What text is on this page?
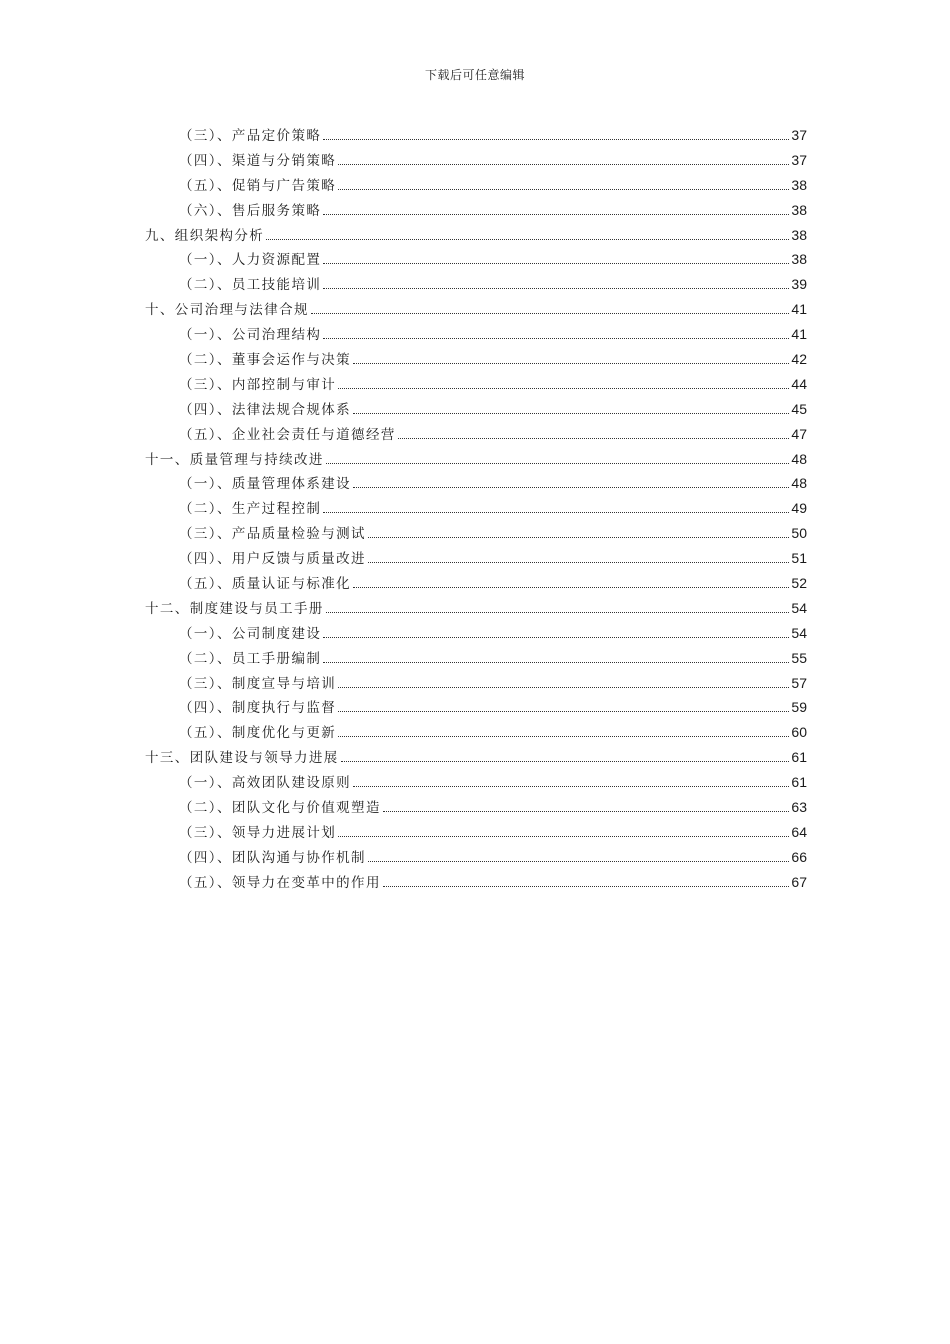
下载后可任意编辑
（三）、产品定价策略	37
（四）、渠道与分销策略	37
（五）、促销与广告策略	38
（六）、售后服务策略	38
九、组织架构分析	38
（一）、人力资源配置	38
（二）、员工技能培训	39
十、公司治理与法律合规	41
（一）、公司治理结构	41
（二）、董事会运作与决策	42
（三）、内部控制与审计	44
（四）、法律法规合规体系	45
（五）、企业社会责任与道德经营	47
十一、质量管理与持续改进	48
（一）、质量管理体系建设	48
（二）、生产过程控制	49
（三）、产品质量检验与测试	50
（四）、用户反馈与质量改进	51
（五）、质量认证与标准化	52
十二、制度建设与员工手册	54
（一）、公司制度建设	54
（二）、员工手册编制	55
（三）、制度宣导与培训	57
（四）、制度执行与监督	59
（五）、制度优化与更新	60
十三、团队建设与领导力进展	61
（一）、高效团队建设原则	61
（二）、团队文化与价值观塑造	63
（三）、领导力进展计划	64
（四）、团队沟通与协作机制	66
（五）、领导力在变革中的作用	67
